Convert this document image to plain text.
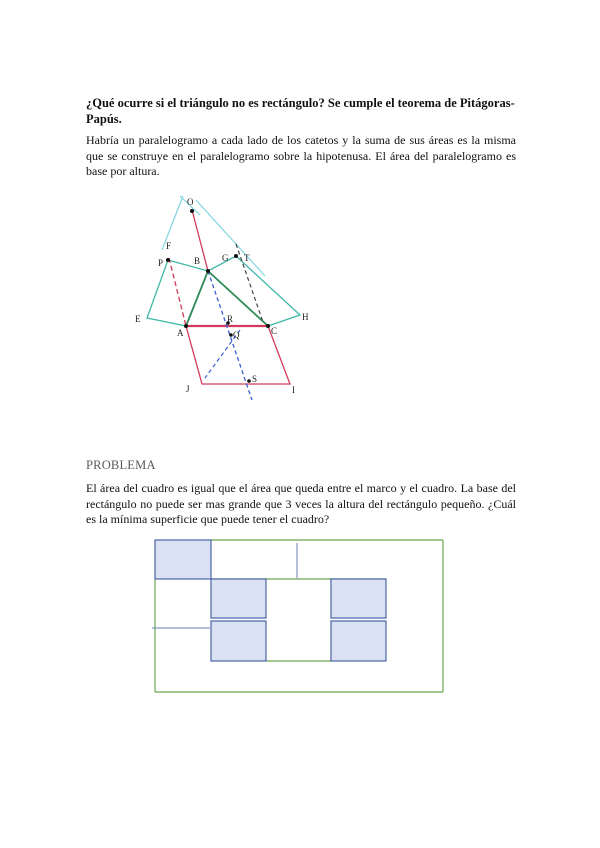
¿Qué ocurre si el triángulo no es rectángulo? Se cumple el teorema de Pitágoras-Papús.
Habría un paralelogramo a cada lado de los catetos y la suma de sus áreas es la misma que se construye en el paralelogramo sobre la hipotenusa. El área del paralelogramo es base por altura.
O
F
P	B G T
E	H
A
R
Q	C
J
S
I
PROBLEMA
El área del cuadro es igual que el área que queda entre el marco y el cuadro. La base del rectángulo no puede ser mas grande que 3 veces la altura del rectángulo pequeño. ¿Cuál es la mínima superficie que puede tener el cuadro?
